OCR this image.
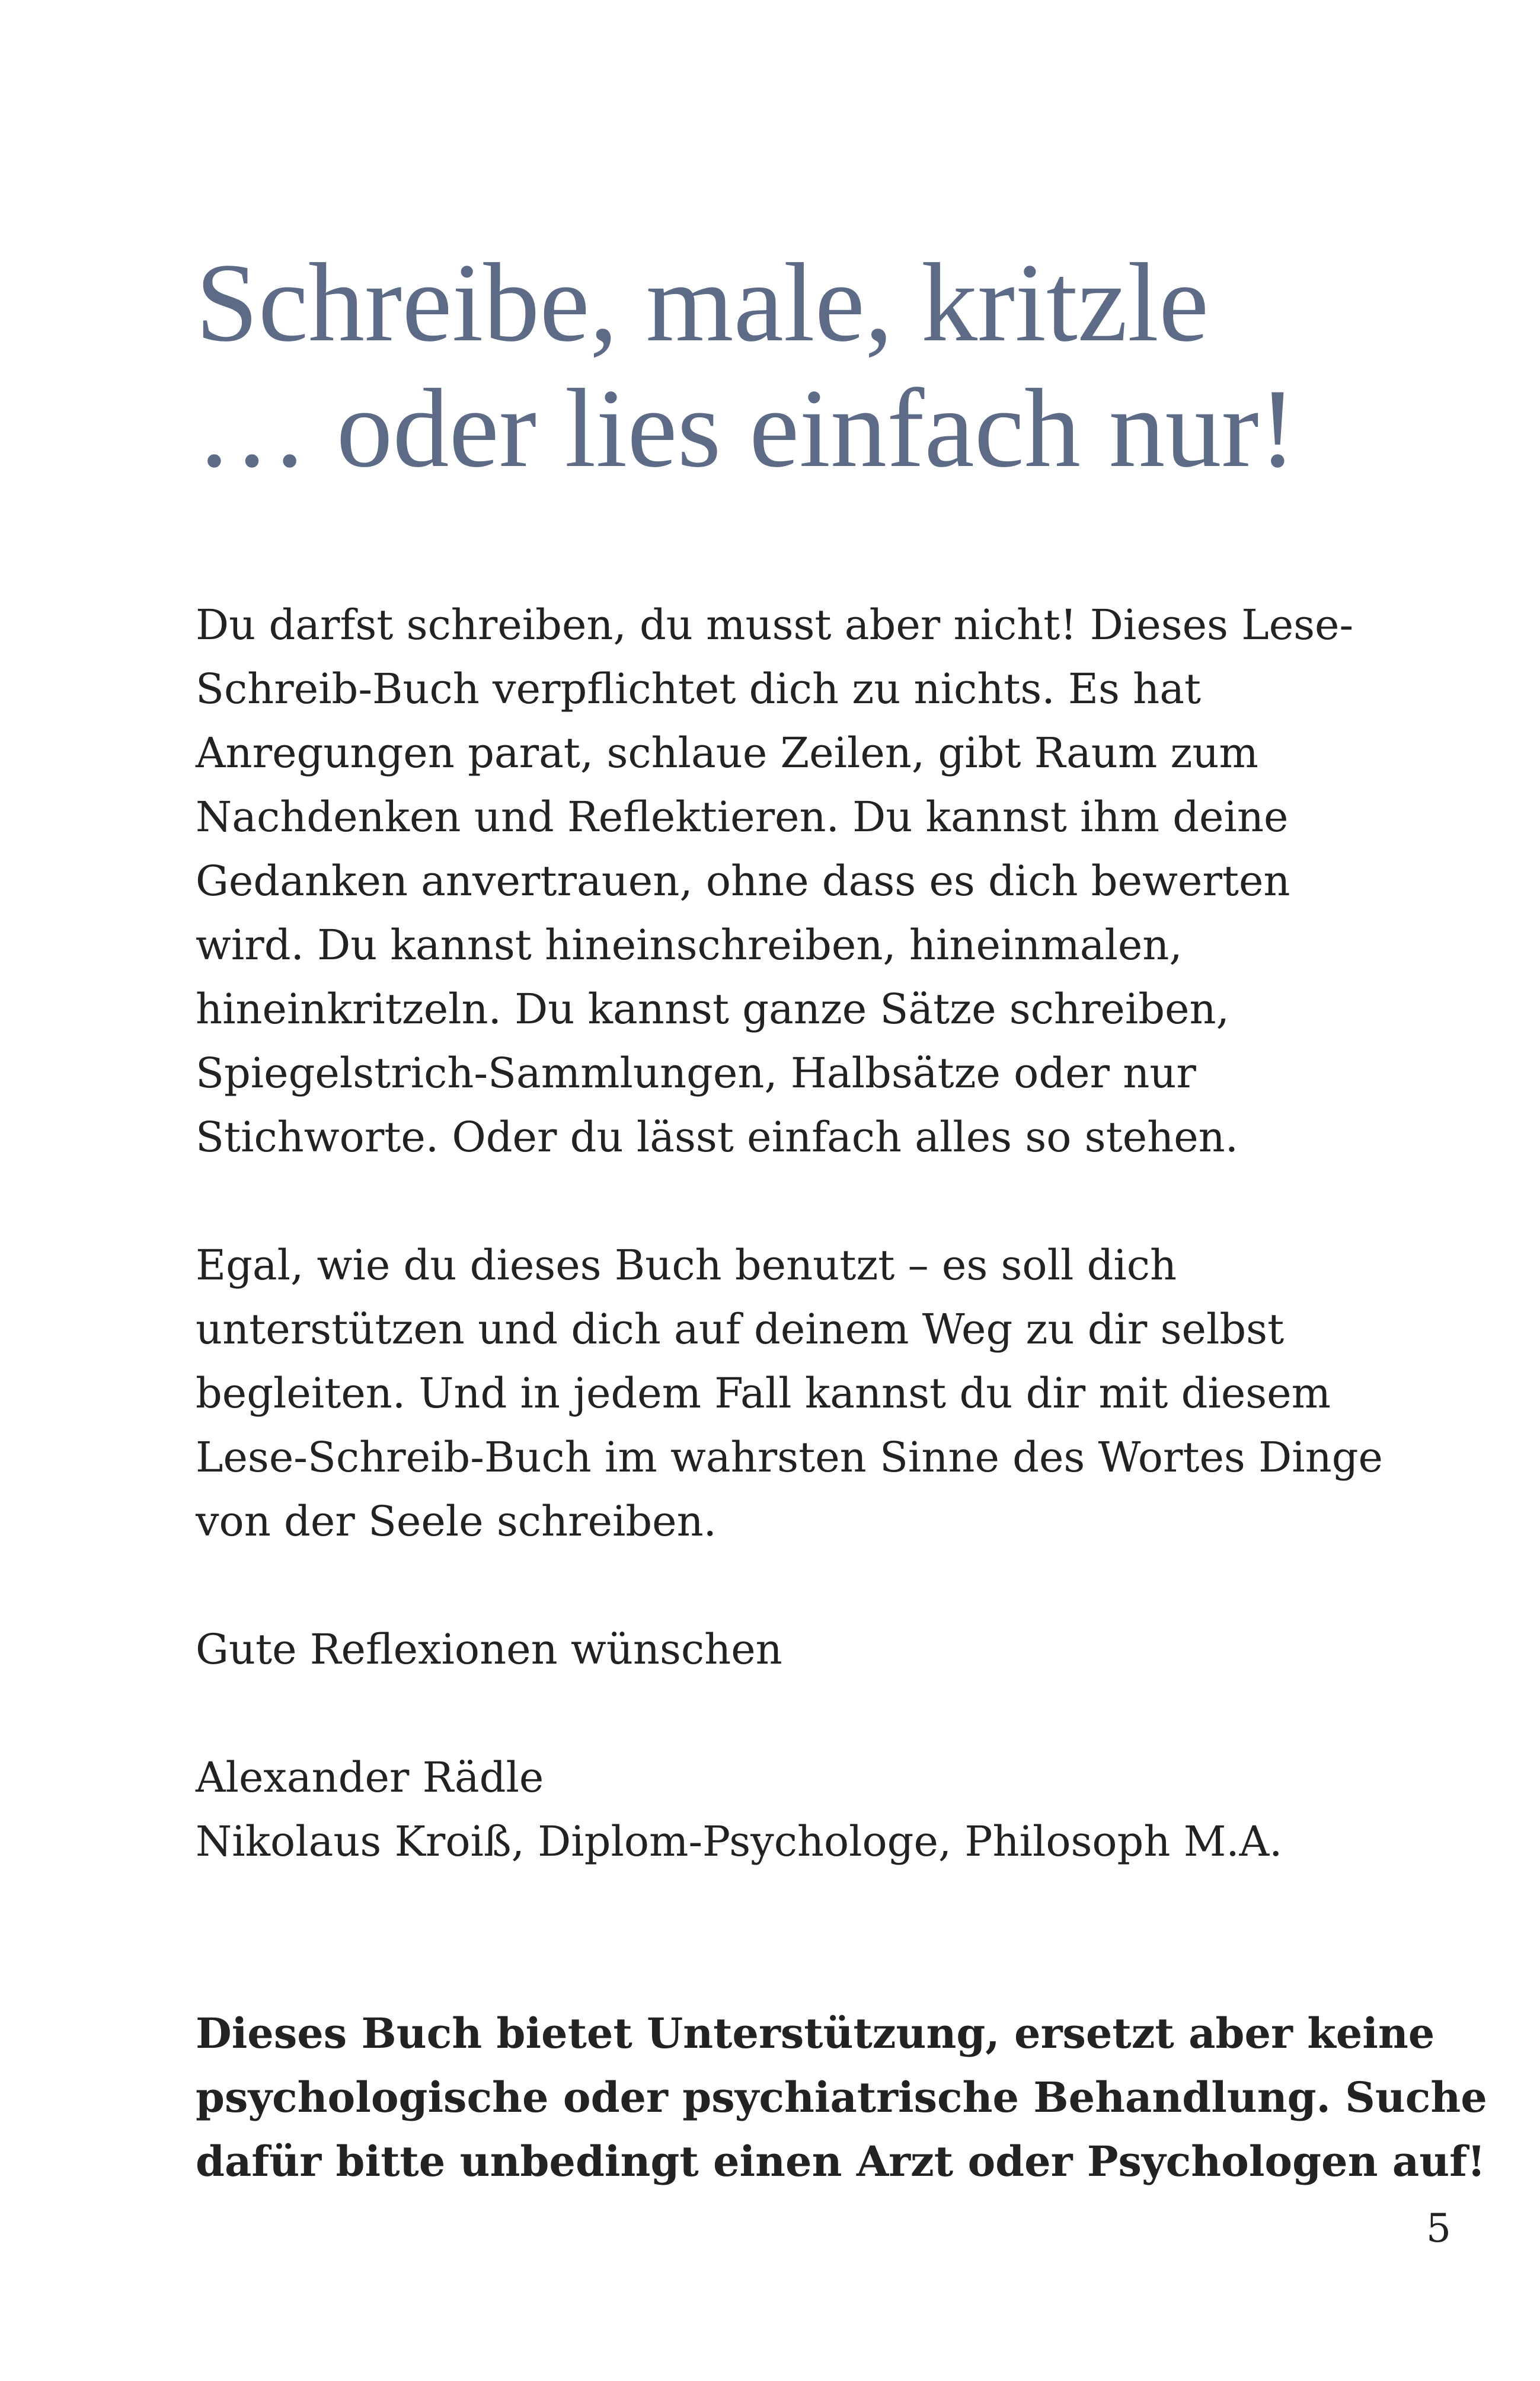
Schreibe, male, kritzle
… oder lies einfach nur!

Du darfst schreiben, du musst aber nicht! Dieses Lese-
Schreib-Buch verpflichtet dich zu nichts. Es hat
Anregungen parat, schlaue Zeilen, gibt Raum zum
Nachdenken und Reflektieren. Du kannst ihm deine
Gedanken anvertrauen, ohne dass es dich bewerten
wird. Du kannst hineinschreiben, hineinmalen,
hineinkritzeln. Du kannst ganze Sätze schreiben,
Spiegelstrich-Sammlungen, Halbsätze oder nur
Stichworte. Oder du lässt einfach alles so stehen.

Egal, wie du dieses Buch benutzt – es soll dich
unterstützen und dich auf deinem Weg zu dir selbst
begleiten. Und in jedem Fall kannst du dir mit diesem
Lese-Schreib-Buch im wahrsten Sinne des Wortes Dinge
von der Seele schreiben.

Gute Reflexionen wünschen

Alexander Rädle
Nikolaus Kroiß, Diplom-Psychologe, Philosoph M.A.

Dieses Buch bietet Unterstützung, ersetzt aber keine
psychologische oder psychiatrische Behandlung. Suche
dafür bitte unbedingt einen Arzt oder Psychologen auf!

5
